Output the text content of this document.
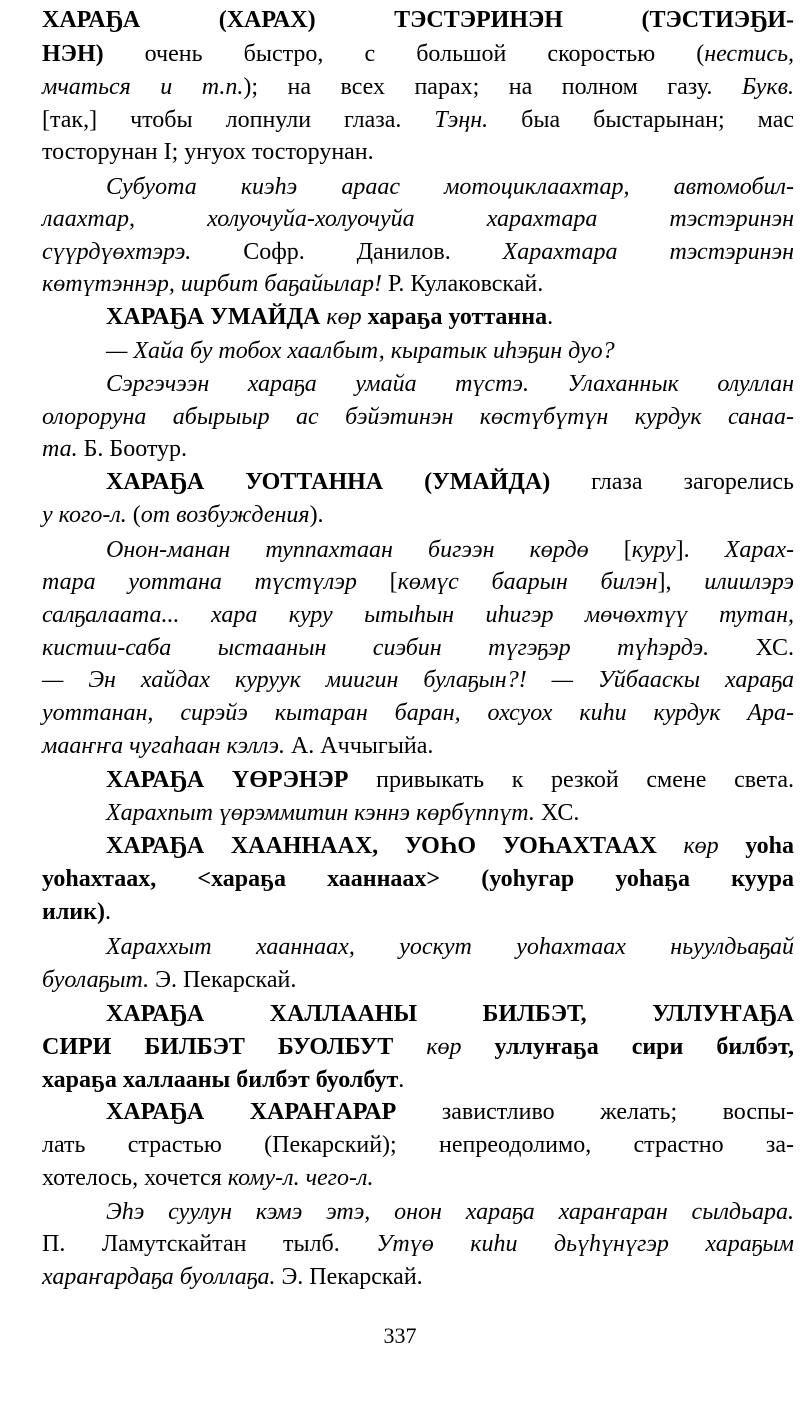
ХАРАҔА (ХАРАХ) ТЭСТЭРИНЭН (ТЭСТИЭҔИ-
НЭН) очень быстро, с большой скоростью (нестись,
мчаться и т.п.); на всех парах; на полном газу. Букв.
[так,] чтобы лопнули глаза. Тэңн. быа быстарынан; мас
тосторунан I; уҥуох тосторунан.
Субуота киэһэ араас мотоциклаахтар, автомобил-
лаахтар, холуочуйа-холуочуйа харахтара тэстэринэн
сүүрдүөхтэрэ. Софр. Данилов. Харахтара тэстэринэн
көтүтэннэр, иирбит баҕайылар! Р. Кулаковскай.
ХАРАҔА УМАЙДА көр хараҕа уоттанна.
— Хайа бу тобох хаалбыт, кыратык иһэҕин дуо?
Сэргэчээн хараҕа умайа түстэ. Улаханнык олуллан
олороруна абырыыр ас бэйэтинэн көстүбүтүн курдук санаа-
та. Б. Боотур.
ХАРАҔА УОТТАННА (УМАЙДА) глаза загорелись
у кого-л. (от возбуждения).
Онон-манан туппахтаан бигээн көрдө [куру]. Харах-
тара уоттана түстүлэр [көмүс баарын билэн], илиилэрэ
салҕалаата... хара куру ытыһын иһигэр мөчөхтүү тутан,
кистии-саба ыстаанын сиэбин түгэҕэр түһэрдэ. ХС.
— Эн хайдах куруук миигин булаҕын?! — Уйбааскы хараҕа
уоттанан, сирэйэ кытаран баран, охсуох киһи курдук Ара-
мааҥҥа чугаһаан кэллэ. А. Аччыгыйа.
ХАРАҔА ҮӨРЭНЭР привыкать к резкой смене света.
Харахпыт үөрэммитин кэннэ көрбүппүт. ХС.
ХАРАҔА ХААННААХ, УОҺО УОҺАХТААХ көр уоһа
уоһахтаах, <хараҕа хааннаах> (уоһугар уоһаҕа куура
илик).
Хараххыт хааннаах, уоскут уоһахтаах ньуулдьаҕай
буолаҕыт. Э. Пекарскай.
ХАРАҔА ХАЛЛААНЫ БИЛБЭТ, УЛЛУҤАҔА
СИРИ БИЛБЭТ БУОЛБУТ көр уллуҥаҕа сири билбэт,
хараҕа халлааны билбэт буолбут.
ХАРАҔА ХАРАҤАРАР завистливо желать; воспы-
лать страстью (Пекарский); непреодолимо, страстно за-
хотелось, хочется кому-л. чего-л.
Эһэ суулун кэмэ этэ, онон хараҕа хараҥаран сылдьара.
П. Ламутскайтан тылб. Утүө киһи дьүһүнүгэр хараҕым
хараҥардаҕа буоллаҕа. Э. Пекарскай.
337
